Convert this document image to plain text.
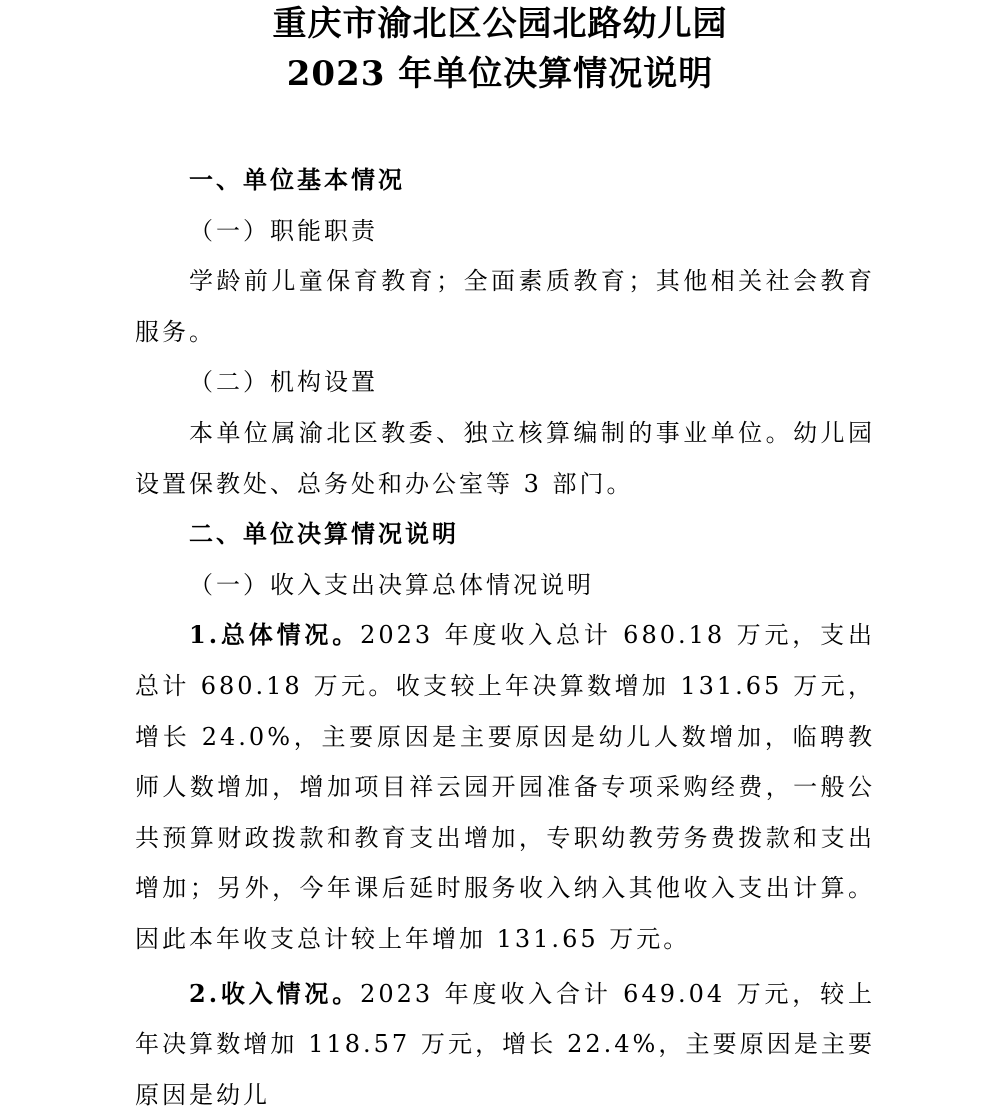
重庆市渝北区公园北路幼儿园
2023 年单位决算情况说明

一、单位基本情况

（一）职能职责

学龄前儿童保育教育；全面素质教育；其他相关社会教育服务。

（二）机构设置

本单位属渝北区教委、独立核算编制的事业单位。幼儿园设置保教处、总务处和办公室等 3 部门。

二、单位决算情况说明

（一）收入支出决算总体情况说明

1.总体情况。2023 年度收入总计 680.18 万元，支出总计 680.18 万元。收支较上年决算数增加 131.65 万元，增长 24.0%，主要原因是主要原因是幼儿人数增加，临聘教师人数增加，增加项目祥云园开园准备专项采购经费，一般公共预算财政拨款和教育支出增加，专职幼教劳务费拨款和支出增加；另外，今年课后延时服务收入纳入其他收入支出计算。因此本年收支总计较上年增加 131.65 万元。

2.收入情况。2023 年度收入合计 649.04 万元，较上年决算数增加 118.57 万元，增长 22.4%，主要原因是主要原因是幼儿
